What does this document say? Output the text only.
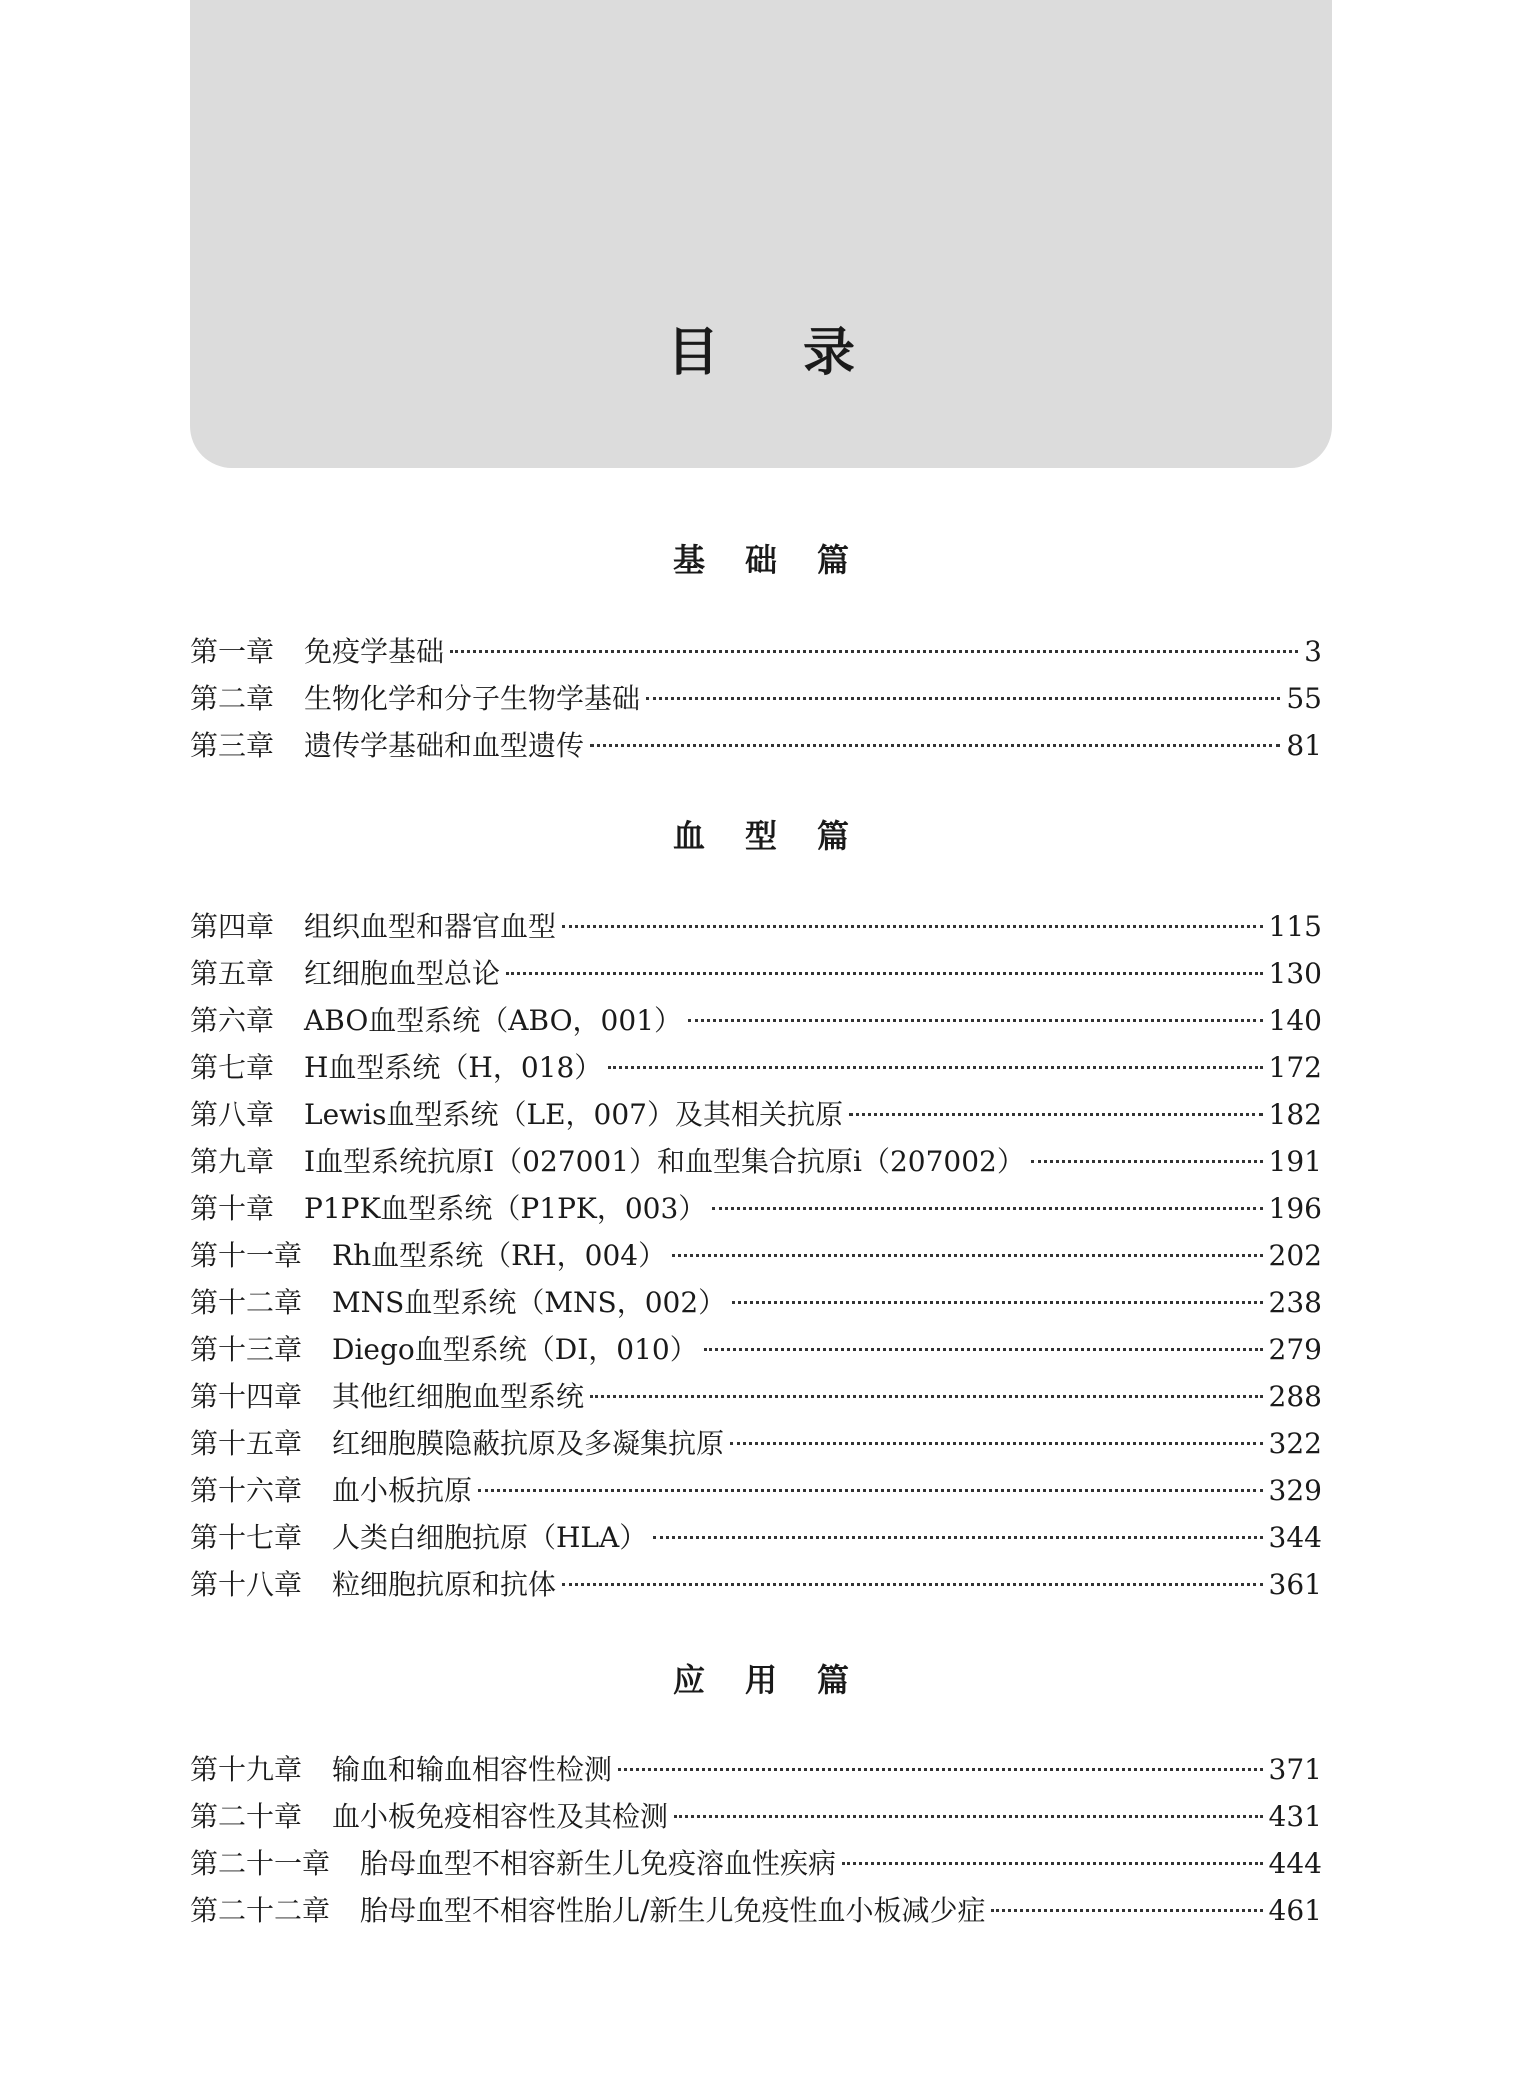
目录
基础篇
第一章 免疫学基础	3
第二章 生物化学和分子生物学基础	55
第三章 遗传学基础和血型遗传	81
血型篇
第四章 组织血型和器官血型	115
第五章 红细胞血型总论	130
第六章 ABO血型系统（ABO，001）	140
第七章 H血型系统（H，018）	172
第八章 Lewis血型系统（LE，007）及其相关抗原	182
第九章 I血型系统抗原I（027001）和血型集合抗原i（207002）	191
第十章 P1PK血型系统（P1PK，003）	196
第十一章 Rh血型系统（RH，004）	202
第十二章 MNS血型系统（MNS，002）	238
第十三章 Diego血型系统（DI，010）	279
第十四章 其他红细胞血型系统	288
第十五章 红细胞膜隐蔽抗原及多凝集抗原	322
第十六章 血小板抗原	329
第十七章 人类白细胞抗原（HLA）	344
第十八章 粒细胞抗原和抗体	361
应用篇
第十九章 输血和输血相容性检测	371
第二十章 血小板免疫相容性及其检测	431
第二十一章 胎母血型不相容新生儿免疫溶血性疾病	444
第二十二章 胎母血型不相容性胎儿/新生儿免疫性血小板减少症	461
